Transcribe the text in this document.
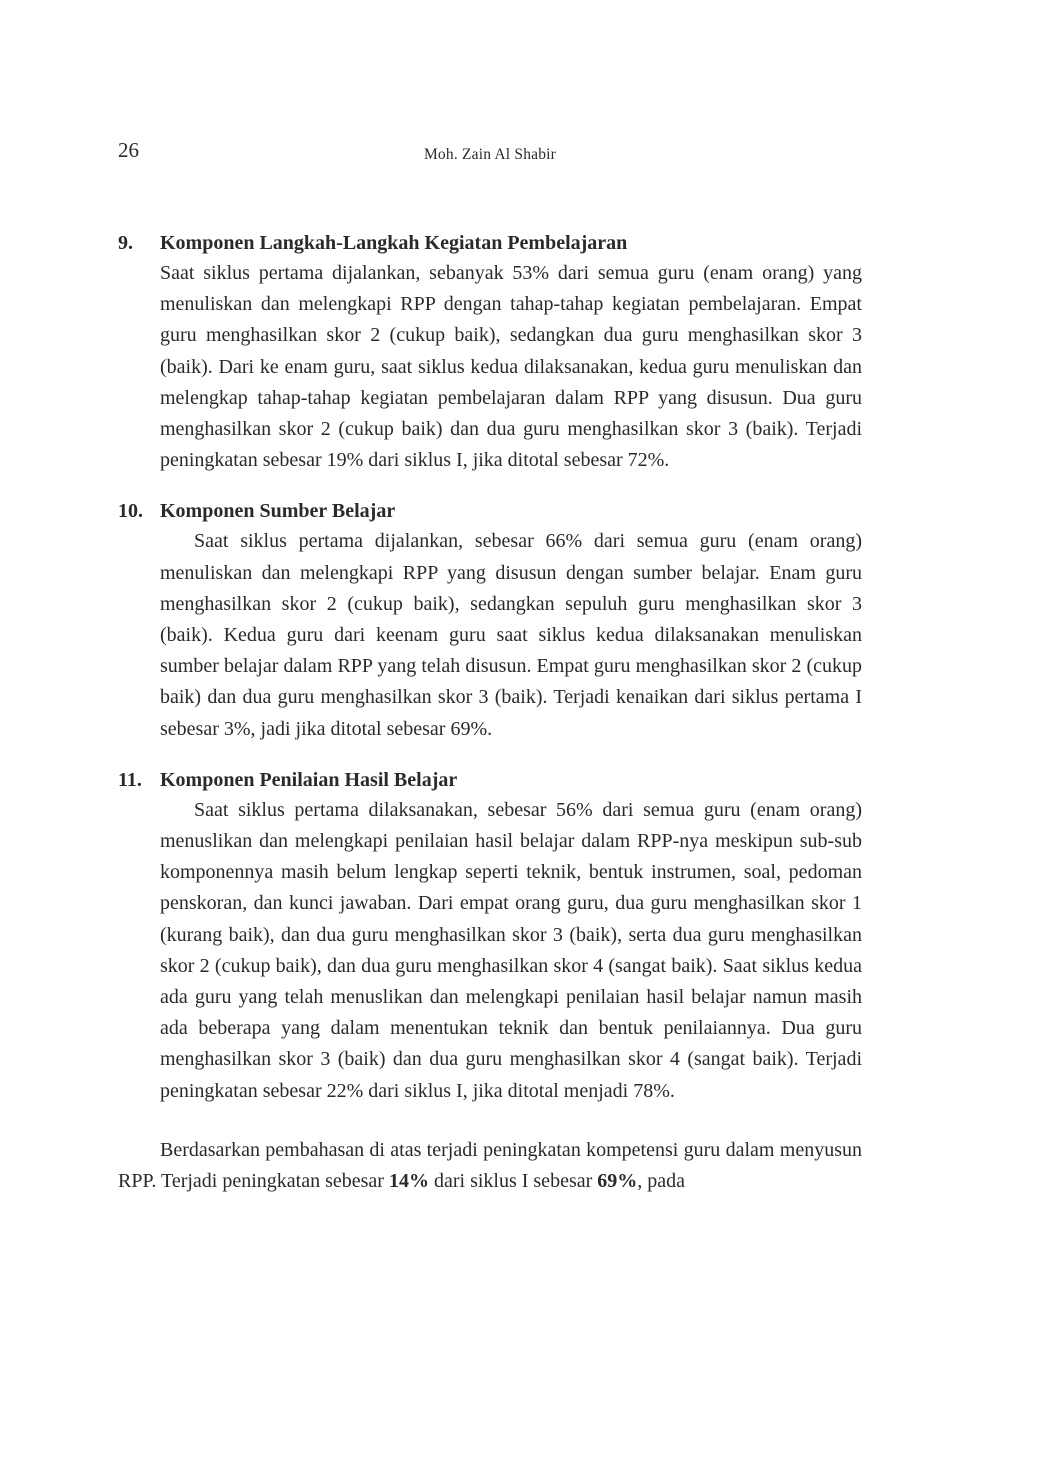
26	Moh. Zain Al Shabir
9. Komponen Langkah-Langkah Kegiatan Pembelajaran
Saat siklus pertama dijalankan, sebanyak 53% dari semua guru (enam orang) yang menuliskan dan melengkapi RPP dengan tahap-tahap kegiatan pembelajaran. Empat guru menghasilkan skor 2 (cukup baik), sedangkan dua guru menghasilkan skor 3 (baik). Dari ke enam guru, saat siklus kedua dilaksanakan, kedua guru menuliskan dan melengkap tahap-tahap kegiatan pembelajaran dalam RPP yang disusun. Dua guru menghasilkan skor 2 (cukup baik) dan dua guru menghasilkan skor 3 (baik). Terjadi peningkatan sebesar 19% dari siklus I, jika ditotal sebesar 72%.
10. Komponen Sumber Belajar
Saat siklus pertama dijalankan, sebesar 66% dari semua guru (enam orang) menuliskan dan melengkapi RPP yang disusun dengan sumber belajar. Enam guru menghasilkan skor 2 (cukup baik), sedangkan sepuluh guru menghasilkan skor 3 (baik). Kedua guru dari keenam guru saat siklus kedua dilaksanakan menuliskan sumber belajar dalam RPP yang telah disusun. Empat guru menghasilkan skor 2 (cukup baik) dan dua guru menghasilkan skor 3 (baik). Terjadi kenaikan dari siklus pertama I sebesar 3%, jadi jika ditotal sebesar 69%.
11. Komponen Penilaian Hasil Belajar
Saat siklus pertama dilaksanakan, sebesar 56% dari semua guru (enam orang) menuslikan dan melengkapi penilaian hasil belajar dalam RPP-nya meskipun sub-sub komponennya masih belum lengkap seperti teknik, bentuk instrumen, soal, pedoman penskoran, dan kunci jawaban. Dari empat orang guru, dua guru menghasilkan skor 1 (kurang baik), dan dua guru menghasilkan skor 3 (baik), serta dua guru menghasilkan skor 2 (cukup baik), dan dua guru menghasilkan skor 4 (sangat baik). Saat siklus kedua ada guru yang telah menuslikan dan melengkapi penilaian hasil belajar namun masih ada beberapa yang dalam menentukan teknik dan bentuk penilaiannya. Dua guru menghasilkan skor 3 (baik) dan dua guru menghasilkan skor 4 (sangat baik). Terjadi peningkatan sebesar 22% dari siklus I, jika ditotal menjadi 78%.

Berdasarkan pembahasan di atas terjadi peningkatan kompetensi guru dalam menyusun RPP. Terjadi peningkatan sebesar 14% dari siklus I sebesar 69%, pada
